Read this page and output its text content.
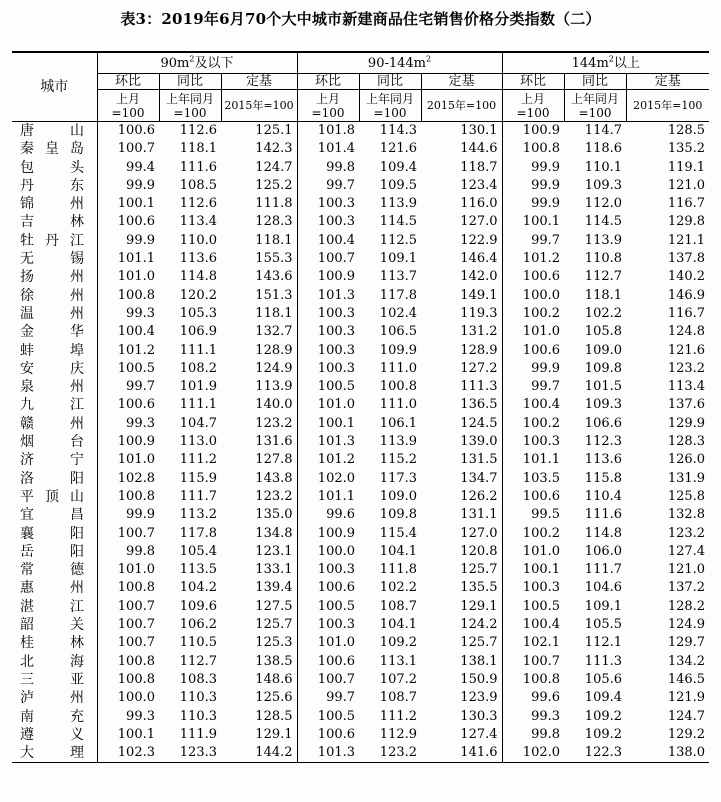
表3：2019年6月70个大中城市新建商品住宅销售价格分类指数（二）
城市	$90m^2$及以下			$90-144m^2$			$144m^2$以上		
	环比	同比	定基	环比	同比	定基	环比	同比	定基

	上月=100	上年同月=100	2015年=100	上月=100	上年同月=100	2015年=100	上月=100	上年同月=100	2015年=100

唐山	100.6	112.6	125.1	101.8	114.3	130.1	100.9	114.7	128.5

秦皇岛	100.7	118.1	142.3	101.4	121.6	144.6	100.8	118.6	135.2

包头	99.4	111.6	124.7	99.8	109.4	118.7	99.9	110.1	119.1

丹东	99.9	108.5	125.2	99.7	109.5	123.4	99.9	109.3	121.0

锦州	100.1	112.6	111.8	100.3	113.9	116.0	99.9	112.0	116.7

吉林	100.6	113.4	128.3	100.3	114.5	127.0	100.1	114.5	129.8

牡丹江	99.9	110.0	118.1	100.4	112.5	122.9	99.7	113.9	121.1

无锡	101.1	113.6	155.3	100.7	109.1	146.4	101.2	110.8	137.8

扬州	101.0	114.8	143.6	100.9	113.7	142.0	100.6	112.7	140.2

徐州	100.8	120.2	151.3	101.3	117.8	149.1	100.0	118.1	146.9

温州	99.3	105.3	118.1	100.3	102.4	119.3	100.2	102.2	116.7

金华	100.4	106.9	132.7	100.3	106.5	131.2	101.0	105.8	124.8

蚌埠	101.2	111.1	128.9	100.3	109.9	128.9	100.6	109.0	121.6

安庆	100.5	108.2	124.9	100.3	111.0	127.2	99.9	109.8	123.2

泉州	99.7	101.9	113.9	100.5	100.8	111.3	99.7	101.5	113.4

九江	100.6	111.1	140.0	101.0	111.0	136.5	100.4	109.3	137.6

赣州	99.3	104.7	123.2	100.1	106.1	124.5	100.2	106.6	129.9

烟台	100.9	113.0	131.6	101.3	113.9	139.0	100.3	112.3	128.3

济宁	101.0	111.2	127.8	101.2	115.2	131.5	101.1	113.6	126.0

洛阳	102.8	115.9	143.8	102.0	117.3	134.7	103.5	115.8	131.9

平顶山	100.8	111.7	123.2	101.1	109.0	126.2	100.6	110.4	125.8

宜昌	99.9	113.2	135.0	99.6	109.8	131.1	99.5	111.6	132.8

襄阳	100.7	117.8	134.8	100.9	115.4	127.0	100.2	114.8	123.2

岳阳	99.8	105.4	123.1	100.0	104.1	120.8	101.0	106.0	127.4

常德	101.0	113.5	133.1	100.3	111.8	125.7	100.1	111.7	121.0

惠州	100.8	104.2	139.4	100.6	102.2	135.5	100.3	104.6	137.2

湛江	100.7	109.6	127.5	100.5	108.7	129.1	100.5	109.1	128.2

韶关	100.7	106.2	125.7	100.3	104.1	124.2	100.4	105.5	124.9

桂林	100.7	110.5	125.3	101.0	109.2	125.7	102.1	112.1	129.7

北海	100.8	112.7	138.5	100.6	113.1	138.1	100.7	111.3	134.2

三亚	100.8	108.3	148.6	100.7	107.2	150.9	100.8	105.6	146.5

泸州	100.0	110.3	125.6	99.7	108.7	123.9	99.6	109.4	121.9

南充	99.3	110.3	128.5	100.5	111.2	130.3	99.3	109.2	124.7

遵义	100.1	111.9	129.1	100.6	112.9	127.4	99.8	109.2	129.2

大理	102.3	123.3	144.2	101.3	123.2	141.6	102.0	122.3	138.0
